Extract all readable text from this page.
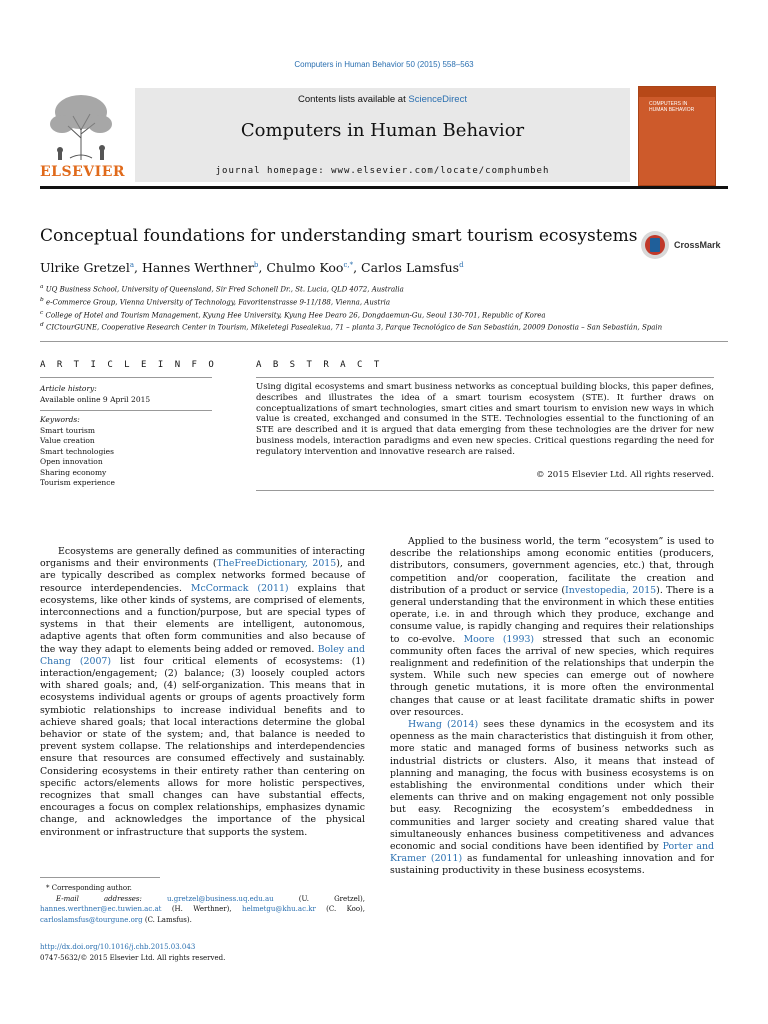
Computers in Human Behavior 50 (2015) 558–563
ELSEVIER
Contents lists available at ScienceDirect
Computers in Human Behavior
journal homepage: www.elsevier.com/locate/comphumbeh
COMPUTERS IN HUMAN BEHAVIOR
Conceptual foundations for understanding smart tourism ecosystems	CrossMark
Ulrike Gretzel$^a$, Hannes Werthner$^b$, Chulmo Koo$^{c,*}$, Carlos Lamsfus$^d$
$^a$ UQ Business School, University of Queensland, Sir Fred Schonell Dr., St. Lucia, QLD 4072, Australia
$^b$ e-Commerce Group, Vienna University of Technology, Favoritenstrasse 9-11/188, Vienna, Austria
$^c$ College of Hotel and Tourism Management, Kyung Hee University, Kyung Hee Dearo 26, Dongdaemun-Gu, Seoul 130-701, Republic of Korea
$^d$ CICtourGUNE, Cooperative Research Center in Tourism, Mikeletegi Pasealekua, 71 – planta 3, Parque Tecnológico de San Sebastián, 20009 Donostia – San Sebastián, Spain
A R T I C L E I N F O
Article history:
Available online 9 April 2015
Keywords:
Smart tourism
Value creation
Smart technologies
Open innovation
Sharing economy
Tourism experience
A B S T R A C T
Using digital ecosystems and smart business networks as conceptual building blocks, this paper defines, describes and illustrates the idea of a smart tourism ecosystem (STE). It further draws on conceptualizations of smart technologies, smart cities and smart tourism to envision new ways in which value is created, exchanged and consumed in the STE. Technologies essential to the functioning of an STE are described and it is argued that data emerging from these technologies are the driver for new business models, interaction paradigms and even new species. Critical questions regarding the need for regulatory intervention and innovative research are raised.
© 2015 Elsevier Ltd. All rights reserved.

Ecosystems are generally defined as communities of interacting organisms and their environments (TheFreeDictionary, 2015), and are typically described as complex networks formed because of resource interdependencies. McCormack (2011) explains that ecosystems, like other kinds of systems, are comprised of elements, interconnections and a function/purpose, but are special types of systems in that their elements are intelligent, autonomous, adaptive agents that often form communities and also because of the way they adapt to elements being added or removed. Boley and Chang (2007) list four critical elements of ecosystems: (1) interaction/engagement; (2) balance; (3) loosely coupled actors with shared goals; and, (4) self-organization. This means that in ecosystems individual agents or groups of agents proactively form symbiotic relationships to increase individual benefits and to achieve shared goals; that local interactions determine the global behavior or state of the system; and, that balance is needed to prevent system collapse. The relationships and interdependencies ensure that resources are consumed effectively and sustainably. Considering ecosystems in their entirety rather than centering on specific actors/elements allows for more holistic perspectives, recognizes that small changes can have substantial effects, encourages a focus on complex relationships, emphasizes dynamic change, and acknowledges the importance of the physical environment or infrastructure that supports the system.

Applied to the business world, the term “ecosystem” is used to describe the relationships among economic entities (producers, distributors, consumers, government agencies, etc.) that, through competition and/or cooperation, facilitate the creation and distribution of a product or service (Investopedia, 2015). There is a general understanding that the environment in which these entities operate, i.e. in and through which they produce, exchange and consume value, is rapidly changing and requires their relationships to co-evolve. Moore (1993) stressed that such an economic community often faces the arrival of new species, which requires realignment and redefinition of the relationships that underpin the system. While such new species can emerge out of nowhere through genetic mutations, it is more often the environmental changes that cause or at least facilitate dramatic shifts in power over resources.

Hwang (2014) sees these dynamics in the ecosystem and its openness as the main characteristics that distinguish it from other, more static and managed forms of business networks such as industrial districts or clusters. Also, it means that instead of planning and managing, the focus with business ecosystems is on establishing the environmental conditions under which their elements can thrive and on making engagement not only possible but easy. Recognizing the ecosystem’s embeddedness in communities and larger society and creating shared value that simultaneously enhances business competitiveness and advances economic and social conditions have been identified by Porter and Kramer (2011) as fundamental for unleashing innovation and for sustaining productivity in these business ecosystems.

* Corresponding author.
E-mail addresses: u.gretzel@business.uq.edu.au (U. Gretzel), hannes.werthner@ec.tuwien.ac.at (H. Werthner), helmetgu@khu.ac.kr (C. Koo), carloslamsfus@tourgune.org (C. Lamsfus).
http://dx.doi.org/10.1016/j.chb.2015.03.043
0747-5632/© 2015 Elsevier Ltd. All rights reserved.
